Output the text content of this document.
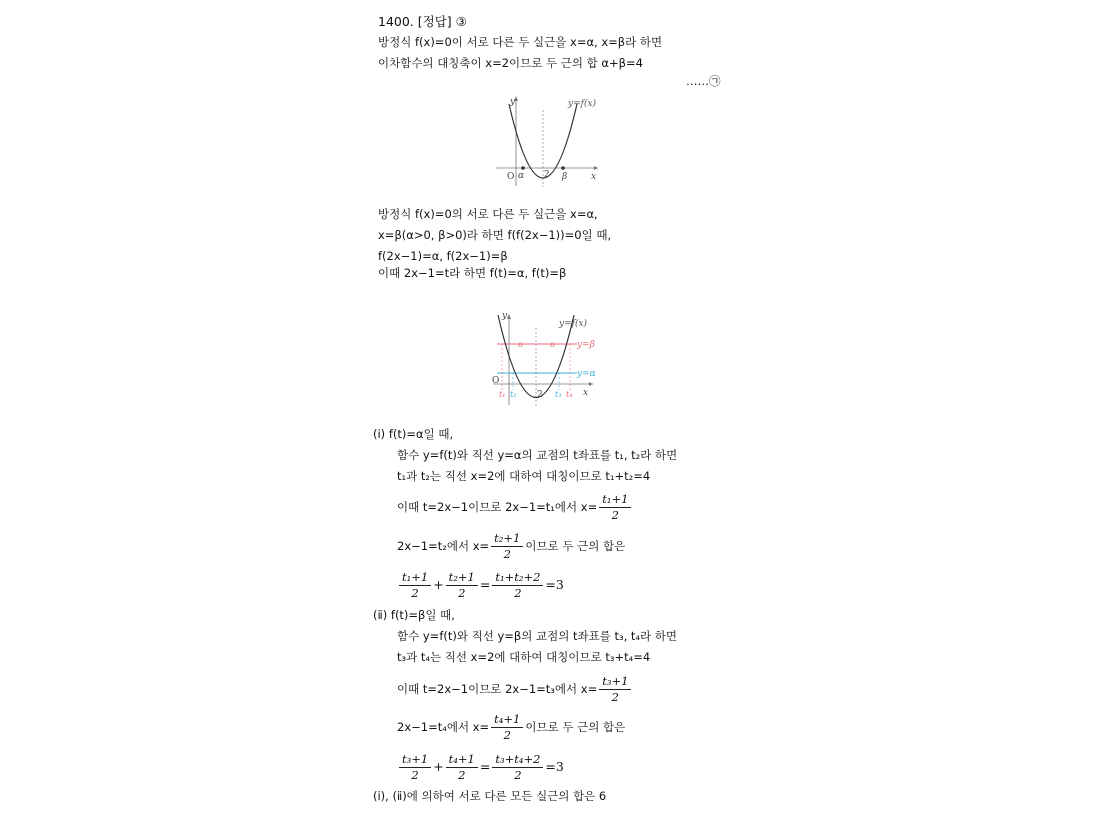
1400. [정답] ③
방정식 f(x)=0이 서로 다른 두 실근을 x=α, x=β라 하면
이차함수의 대칭축이 x=2이므로 두 근의 합 α+β=4
……㉠
y
x
O α 2 β
y=f(x)
방정식 f(x)=0의 서로 다른 두 실근을 x=α,
x=β(α>0, β>0)라 하면 f(f(2x−1))=0일 때,
f(2x−1)=α, f(2x−1)=β
이때 2x−1=t라 하면 f(t)=α, f(t)=β
o	o
y
x
O
2
t₁ t₂	t₃ t₄
y=f(x)
y=β
y=α
(ⅰ) f(t)=α일 때,
함수 y=f(t)와 직선 y=α의 교점의 t좌표를 t₁, t₂라 하면
t₁과 t₂는 직선 x=2에 대하여 대칭이므로 t₁+t₂=4
이때 t=2x−1이므로 2x−1=t₁에서 $x= \frac{\text{t₁+1}}{2}$
2x−1=t₂에서 $x= \frac{\text{t₂+1}}{2}$ 이므로 두 근의 합은
$\frac{\text{t₁+1}}{2} + \frac{\text{t₂+1}}{2} = \frac{\text{t₁+t₂+2}}{2} =3$
(ⅱ) f(t)=β일 때,
함수 y=f(t)와 직선 y=β의 교점의 t좌표를 t₃, t₄라 하면
t₃과 t₄는 직선 x=2에 대하여 대칭이므로 t₃+t₄=4
이때 t=2x−1이므로 2x−1=t₃에서 $x= \frac{\text{t₃+1}}{2}$
2x−1=t₄에서 $x= \frac{\text{t₄+1}}{2}$ 이므로 두 근의 합은
$\frac{\text{t₃+1}}{2} + \frac{\text{t₄+1}}{2} = \frac{\text{t₃+t₄+2}}{2} =3$
(ⅰ), (ⅱ)에 의하여 서로 다른 모든 실근의 합은 6
